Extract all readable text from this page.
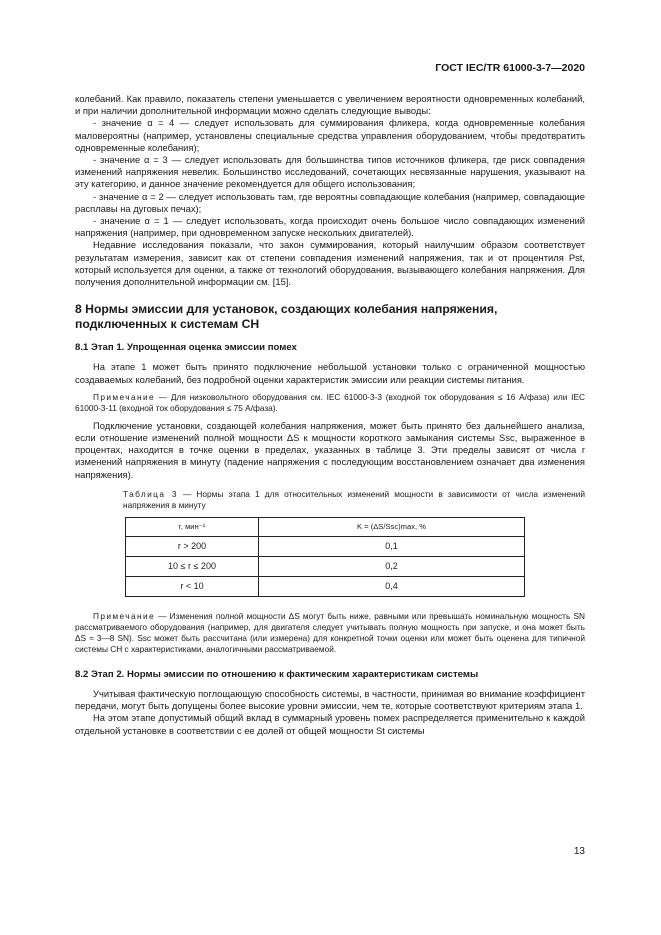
ГОСТ IEC/TR 61000-3-7—2020

колебаний. Как правило, показатель степени уменьшается с увеличением вероятности одновременных колебаний, и при наличии дополнительной информации можно сделать следующие выводы:

- значение α = 4 — следует использовать для суммирования фликера, когда одновременные колебания маловероятны (например, установлены специальные средства управления оборудованием, чтобы предотвратить одновременные колебания);

- значение α = 3 — следует использовать для большинства типов источников фликера, где риск совпадения изменений напряжения невелик. Большинство исследований, сочетающих несвязанные нарушения, указывают на эту категорию, и данное значение рекомендуется для общего использования;

- значение α = 2 — следует использовать там, где вероятны совпадающие колебания (например, совпадающие расплавы на дуговых печах);

- значение α = 1 — следует использовать, когда происходит очень большое число совпадающих изменений напряжения (например, при одновременном запуске нескольких двигателей).

Недавние исследования показали, что закон суммирования, который наилучшим образом соответствует результатам измерения, зависит как от степени совпадения изменений напряжения, так и от процентиля Pst, который используется для оценки, а также от технологий оборудования, вызывающего колебания напряжения. Для получения дополнительной информации см. [15].

8 Нормы эмиссии для установок, создающих колебания напряжения, подключенных к системам СН
8.1 Этап 1. Упрощенная оценка эмиссии помех

На этапе 1 может быть принято подключение небольшой установки только с ограниченной мощностью создаваемых колебаний, без подробной оценки характеристик эмиссии или реакции системы питания.

Примечание — Для низковольтного оборудования см. IEC 61000-3-3 (входной ток оборудования ≤ 16 А/фаза) или IEC 61000-3-11 (входной ток оборудования ≤ 75 А/фаза).

Подключение установки, создающей колебания напряжения, может быть принято без дальнейшего анализа, если отношение изменений полной мощности ΔS к мощности короткого замыкания системы Ssc, выраженное в процентах, находится в точке оценки в пределах, указанных в таблице 3. Эти пределы зависят от числа r изменений напряжения в минуту (падение напряжения с последующим восстановлением означает два изменения напряжения).

Таблица 3 — Нормы этапа 1 для относительных изменений мощности в зависимости от числа изменений напряжения в минуту

r, мин⁻¹	K = (ΔS/Ssc)max, %
r > 200	0,1
10 ≤ r ≤ 200	0,2
r < 10	0,4

Примечание — Изменения полной мощности ΔS могут быть ниже, равными или превышать номинальную мощность SN рассматриваемого оборудования (например, для двигателя следует учитывать полную мощность при запуске, и она может быть ΔS ≈ 3—8 SN). Ssc может быть рассчитана (или измерена) для конкретной точки оценки или может быть оценена для типичной системы СН с характеристиками, аналогичными рассматриваемой.

8.2 Этап 2. Нормы эмиссии по отношению к фактическим характеристикам системы

Учитывая фактическую поглощающую способность системы, в частности, принимая во внимание коэффициент передачи, могут быть допущены более высокие уровни эмиссии, чем те, которые соответствуют критериям этапа 1.

На этом этапе допустимый общий вклад в суммарный уровень помех распределяется применительно к каждой отдельной установке в соответствии с ее долей от общей мощности St системы

13
